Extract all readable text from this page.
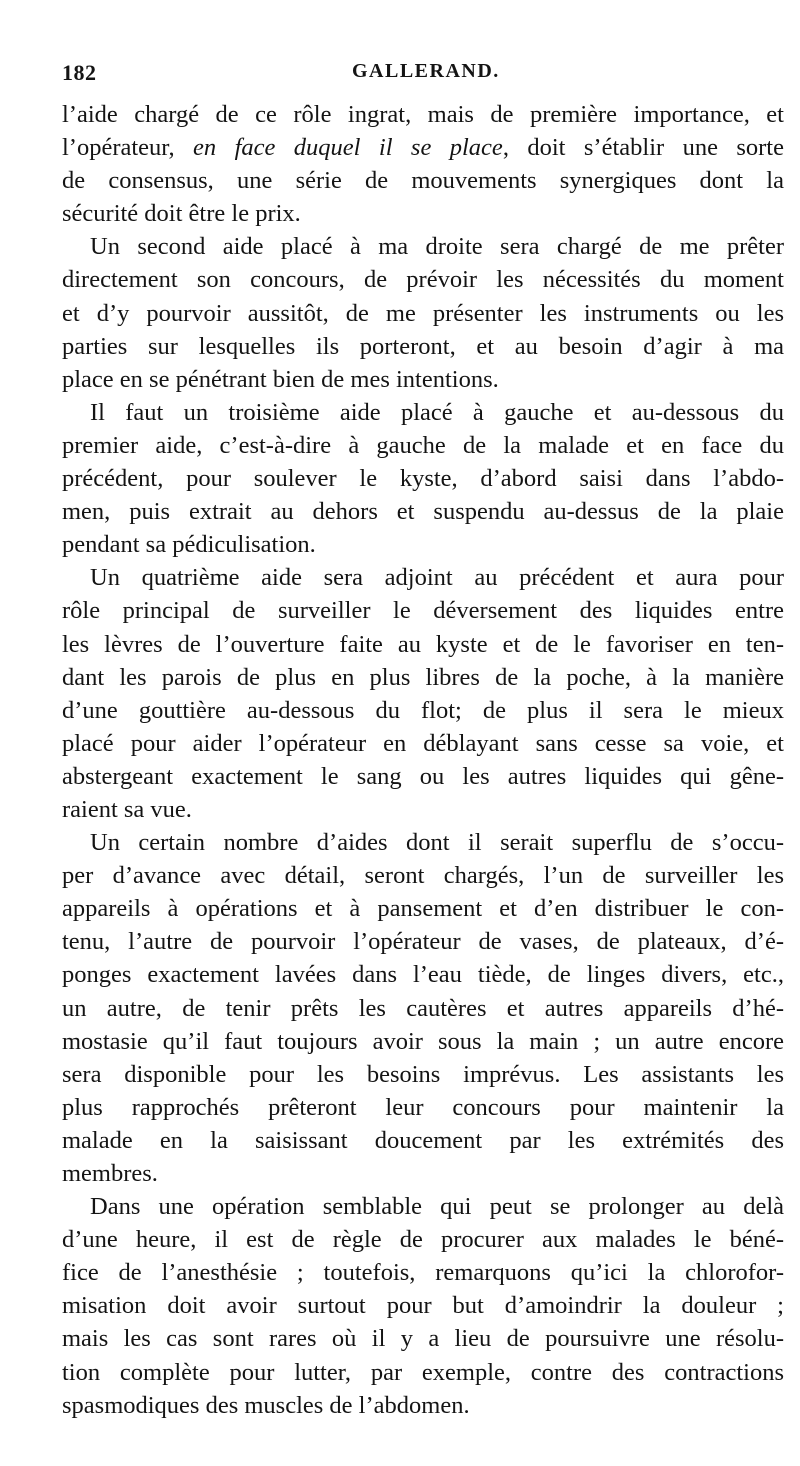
182	GALLERAND.
l’aide chargé de ce rôle ingrat, mais de première importance, et
l’opérateur, en face duquel il se place, doit s’établir une sorte
de consensus, une série de mouvements synergiques dont la
sécurité doit être le prix.
Un second aide placé à ma droite sera chargé de me prêter
directement son concours, de prévoir les nécessités du moment
et d’y pourvoir aussitôt, de me présenter les instruments ou les
parties sur lesquelles ils porteront, et au besoin d’agir à ma
place en se pénétrant bien de mes intentions.
Il faut un troisième aide placé à gauche et au-dessous du
premier aide, c’est-à-dire à gauche de la malade et en face du
précédent, pour soulever le kyste, d’abord saisi dans l’abdo-
men, puis extrait au dehors et suspendu au-dessus de la plaie
pendant sa pédiculisation.
Un quatrième aide sera adjoint au précédent et aura pour
rôle principal de surveiller le déversement des liquides entre
les lèvres de l’ouverture faite au kyste et de le favoriser en ten-
dant les parois de plus en plus libres de la poche, à la manière
d’une gouttière au-dessous du flot; de plus il sera le mieux
placé pour aider l’opérateur en déblayant sans cesse sa voie, et
abstergeant exactement le sang ou les autres liquides qui gêne-
raient sa vue.
Un certain nombre d’aides dont il serait superflu de s’occu-
per d’avance avec détail, seront chargés, l’un de surveiller les
appareils à opérations et à pansement et d’en distribuer le con-
tenu, l’autre de pourvoir l’opérateur de vases, de plateaux, d’é-
ponges exactement lavées dans l’eau tiède, de linges divers, etc.,
un autre, de tenir prêts les cautères et autres appareils d’hé-
mostasie qu’il faut toujours avoir sous la main ; un autre encore
sera disponible pour les besoins imprévus. Les assistants les
plus rapprochés prêteront leur concours pour maintenir la
malade en la saisissant doucement par les extrémités des
membres.
Dans une opération semblable qui peut se prolonger au delà
d’une heure, il est de règle de procurer aux malades le béné-
fice de l’anesthésie ; toutefois, remarquons qu’ici la chlorofor-
misation doit avoir surtout pour but d’amoindrir la douleur ;
mais les cas sont rares où il y a lieu de poursuivre une résolu-
tion complète pour lutter, par exemple, contre des contractions
spasmodiques des muscles de l’abdomen.
